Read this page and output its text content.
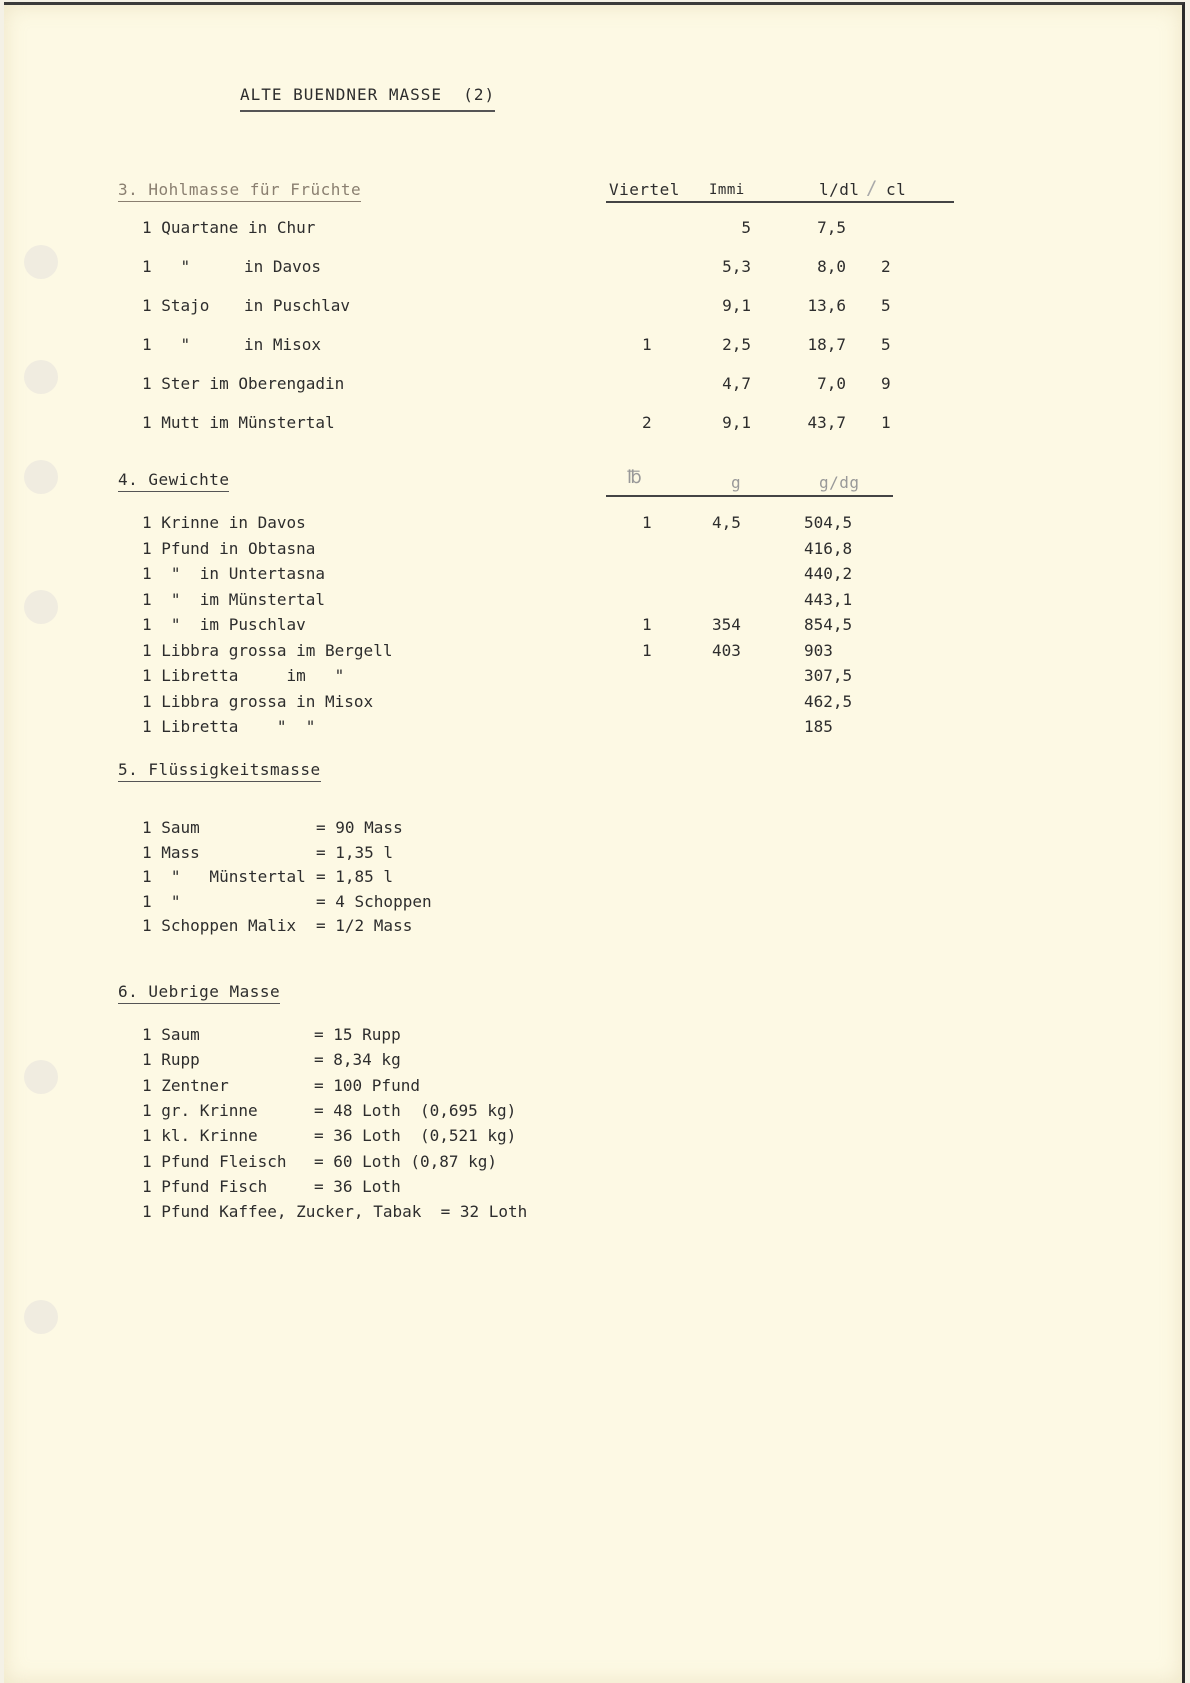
ALTE BUENDNER MASSE  (2)
3. Hohlmasse für Früchte	Viertel Immi	l/dl / cl
1 Quartane in Chur	5	7,5
1   "	in Davos	5,3	8,0 2
1 Stajo in Puschlav	9,1	13,6 5
1   "	in Misox	1	2,5	18,7 5
1 Ster im Oberengadin	4,7	7,0 9
1 Mutt im Münstertal	2	9,1	43,7 1
4. Gewichte	℔	g	g/dg
1 Krinne in Davos	1	4,5	504,5
1 Pfund in Obtasna	416,8
1  "  in Untertasna	440,2
1  "  im Münstertal	443,1
1  "  im Puschlav	1	354	854,5
1 Libbra grossa im Bergell	1	403	903
1 Libretta     im   "	307,5
1 Libbra grossa in Misox	462,5
1 Libretta    "  "	185
5. Flüssigkeitsmasse
1 Saum	= 90 Mass
1 Mass	= 1,35 l
1  "   Münstertal = 1,85 l
1  "	= 4 Schoppen
1 Schoppen Malix = 1/2 Mass
6. Uebrige Masse
1 Saum	= 15 Rupp
1 Rupp	= 8,34 kg
1 Zentner	= 100 Pfund
1 gr. Krinne	= 48 Loth  (0,695 kg)
1 kl. Krinne	= 36 Loth  (0,521 kg)
1 Pfund Fleisch = 60 Loth (0,87 kg)
1 Pfund Fisch	= 36 Loth
1 Pfund Kaffee, Zucker, Tabak  = 32 Loth
